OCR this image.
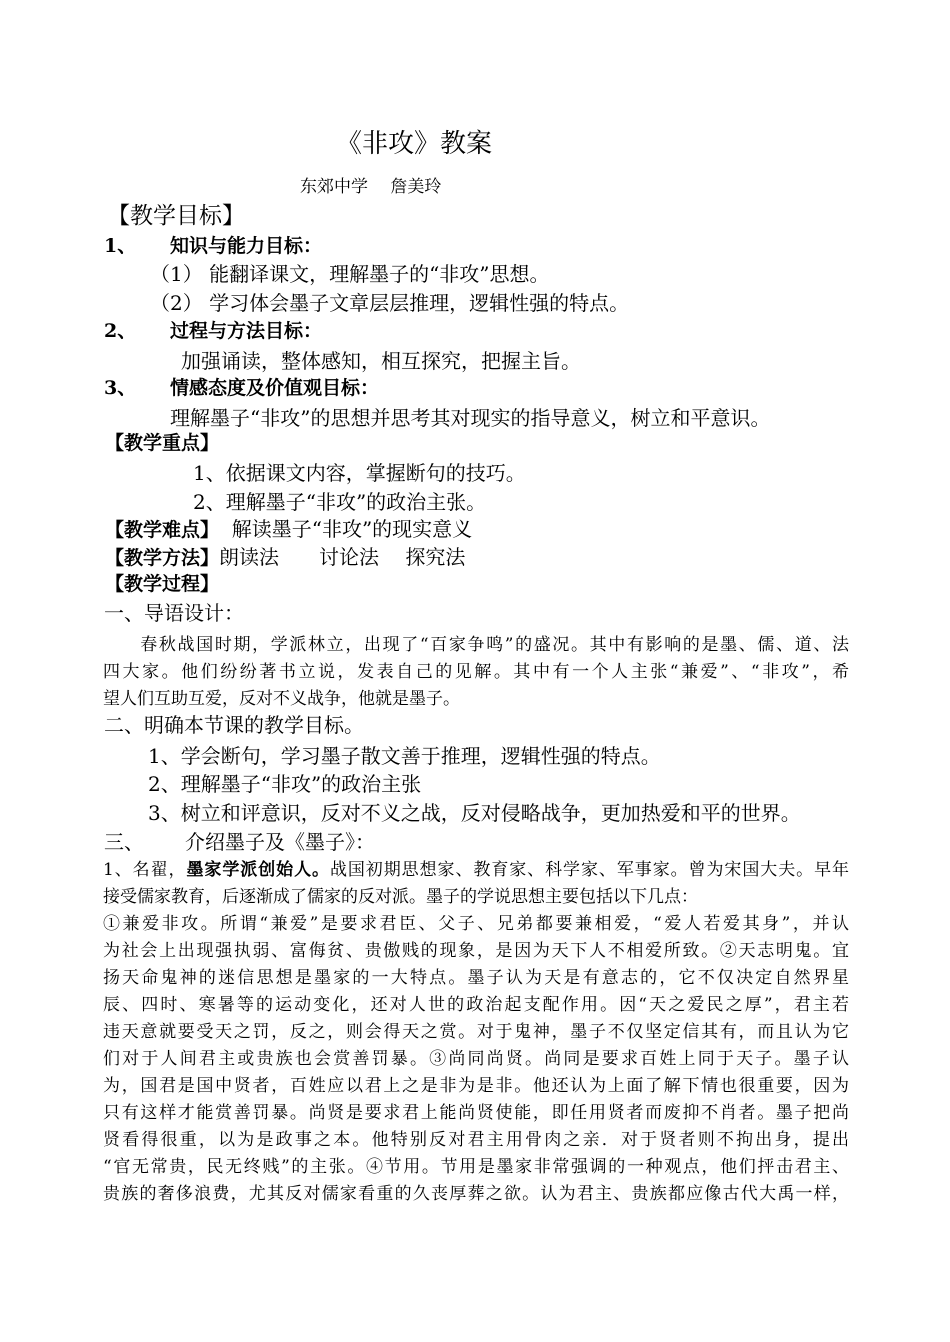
《非攻》教案
东郊中学　 詹美玲
【教学目标】
1、 知识与能力目标：
（1） 能翻译课文，理解墨子的“非攻”思想。
（2） 学习体会墨子文章层层推理，逻辑性强的特点。
2、 过程与方法目标：
加强诵读，整体感知，相互探究，把握主旨。
3、 情感态度及价值观目标：
理解墨子“非攻”的思想并思考其对现实的指导意义，树立和平意识。
【教学重点】
1、依据课文内容，掌握断句的技巧。
2、理解墨子“非攻”的政治主张。
【教学难点】  解读墨子“非攻”的现实意义
【教学方法】朗读法　　讨论法　 探究法
【教学过程】
一、导语设计：
　　春秋战国时期，学派林立，出现了“百家争鸣”的盛况。其中有影响的是墨、儒、道、法
四大家。他们纷纷著书立说，发表自己的见解。其中有一个人主张“兼爱”、“非攻”，希
望人们互助互爱，反对不义战争，他就是墨子。
二、明确本节课的教学目标。
1、学会断句，学习墨子散文善于推理，逻辑性强的特点。
2、理解墨子“非攻”的政治主张
3、树立和评意识，反对不义之战，反对侵略战争，更加热爱和平的世界。
三、 介绍墨子及《墨子》：
1、名翟，墨家学派创始人。战国初期思想家、教育家、科学家、军事家。曾为宋国大夫。早年
接受儒家教育，后逐渐成了儒家的反对派。墨子的学说思想主要包括以下几点：
①兼爱非攻。所谓“兼爱”是要求君臣、父子、兄弟都要兼相爱，“爱人若爱其身”，并认
为社会上出现强执弱、富侮贫、贵傲贱的现象，是因为天下人不相爱所致。②天志明鬼。宜
扬天命鬼神的迷信思想是墨家的一大特点。墨子认为天是有意志的，它不仅决定自然界星
辰、四时、寒暑等的运动变化，还对人世的政治起支配作用。因“天之爱民之厚”，君主若
违天意就要受天之罚，反之，则会得天之赏。对于鬼神，墨子不仅坚定信其有，而且认为它
们对于人间君主或贵族也会赏善罚暴。③尚同尚贤。尚同是要求百姓上同于天子。墨子认
为，国君是国中贤者，百姓应以君上之是非为是非。他还认为上面了解下情也很重要，因为
只有这样才能赏善罚暴。尚贤是要求君上能尚贤使能，即任用贤者而废抑不肖者。墨子把尚
贤看得很重，以为是政事之本。他特别反对君主用骨肉之亲．对于贤者则不拘出身，提出
“官无常贵，民无终贱”的主张。④节用。节用是墨家非常强调的一种观点，他们抨击君主、
贵族的奢侈浪费，尤其反对儒家看重的久丧厚葬之欲。认为君主、贵族都应像古代大禹一样，
